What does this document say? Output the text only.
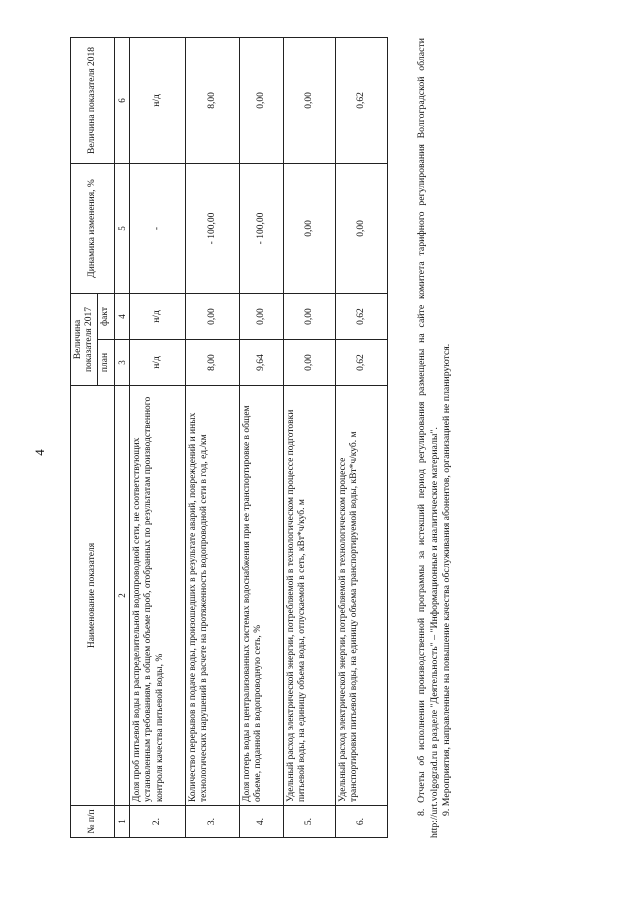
4
№ п/п	Наименование показателя	Величина показателя 2017		Динамика изменения, %	Величина показателя 2018
		план	факт		
1	2	3	4	5	6
2.	Доля проб питьевой воды в распределительной водопроводной сети, не соответствующих установленным требованиям, в общем объеме проб, отобранных по результатам производственного контроля качества питьевой воды, %	н/д	н/д	-	н/д
3.	Количество перерывов в подаче воды, произошедших в результате аварий, повреждений и иных технологических нарушений в расчете на протяженность водопроводной сети в год, ед./км	8,00	0,00	- 100,00	8,00
4.	Доля потерь воды в централизованных системах водоснабжения при ее транспортировке в общем объеме, поданной в водопроводную сеть, %	9,64	0,00	- 100,00	0,00
5.	Удельный расход электрической энергии, потребляемой в технологическом процессе подготовки питьевой воды, на единицу объема воды, отпускаемой в сеть, кВт*ч/куб. м	0,00	0,00	0,00	0,00
6.	Удельный расход электрической энергии, потребляемой в технологическом процессе транспортировки питьевой воды, на единицу объема транспортируемой воды, кВт*ч/куб. м	0,62	0,62	0,00	0,62	8. Отчеты об исполнении производственной программы за истекший период регулирования размещены на сайте комитета тарифного регулирования Волгоградской области http://urt.volgograd.ru в разделе "Деятельность" – "Информационные и аналитические материалы". 9. Мероприятия, направленные на повышение качества обслуживания абонентов, организацией не планируются.
